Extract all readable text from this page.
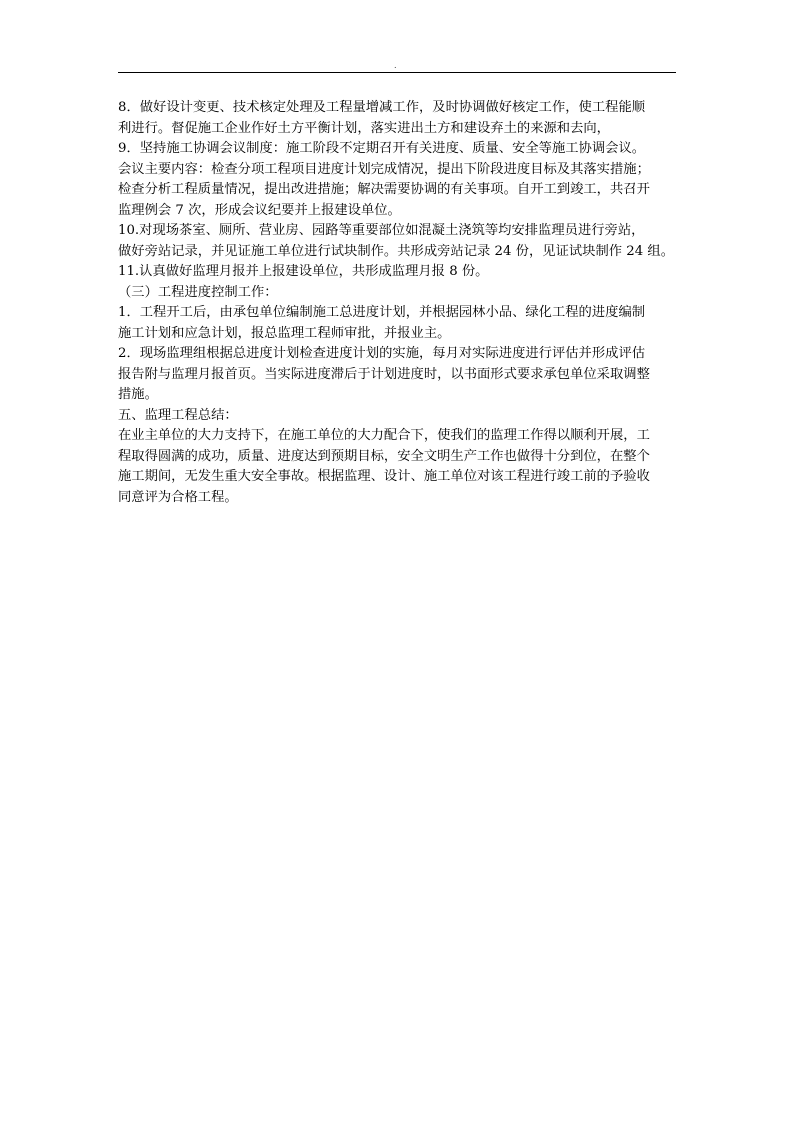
.
8．做好设计变更、技术核定处理及工程量增减工作，及时协调做好核定工作，使工程能顺
利进行。督促施工企业作好土方平衡计划，落实进出土方和建设弃土的来源和去向，
9．坚持施工协调会议制度：施工阶段不定期召开有关进度、质量、安全等施工协调会议。
会议主要内容：检查分项工程项目进度计划完成情况，提出下阶段进度目标及其落实措施；
检查分析工程质量情况，提出改进措施；解决需要协调的有关事项。自开工到竣工，共召开
监理例会 7 次，形成会议纪要并上报建设单位。
10.对现场茶室、厕所、营业房、园路等重要部位如混凝土浇筑等均安排监理员进行旁站，
做好旁站记录，并见证施工单位进行试块制作。共形成旁站记录 24 份，见证试块制作 24 组。
11.认真做好监理月报并上报建设单位，共形成监理月报 8 份。
（三）工程进度控制工作：
1．工程开工后，由承包单位编制施工总进度计划，并根据园林小品、绿化工程的进度编制
施工计划和应急计划，报总监理工程师审批，并报业主。
2．现场监理组根据总进度计划检查进度计划的实施，每月对实际进度进行评估并形成评估
报告附与监理月报首页。当实际进度滞后于计划进度时，以书面形式要求承包单位采取调整
措施。
五、监理工程总结：
在业主单位的大力支持下，在施工单位的大力配合下，使我们的监理工作得以顺利开展，工
程取得圆满的成功，质量、进度达到预期目标，安全文明生产工作也做得十分到位，在整个
施工期间，无发生重大安全事故。根据监理、设计、施工单位对该工程进行竣工前的予验收
同意评为合格工程。
